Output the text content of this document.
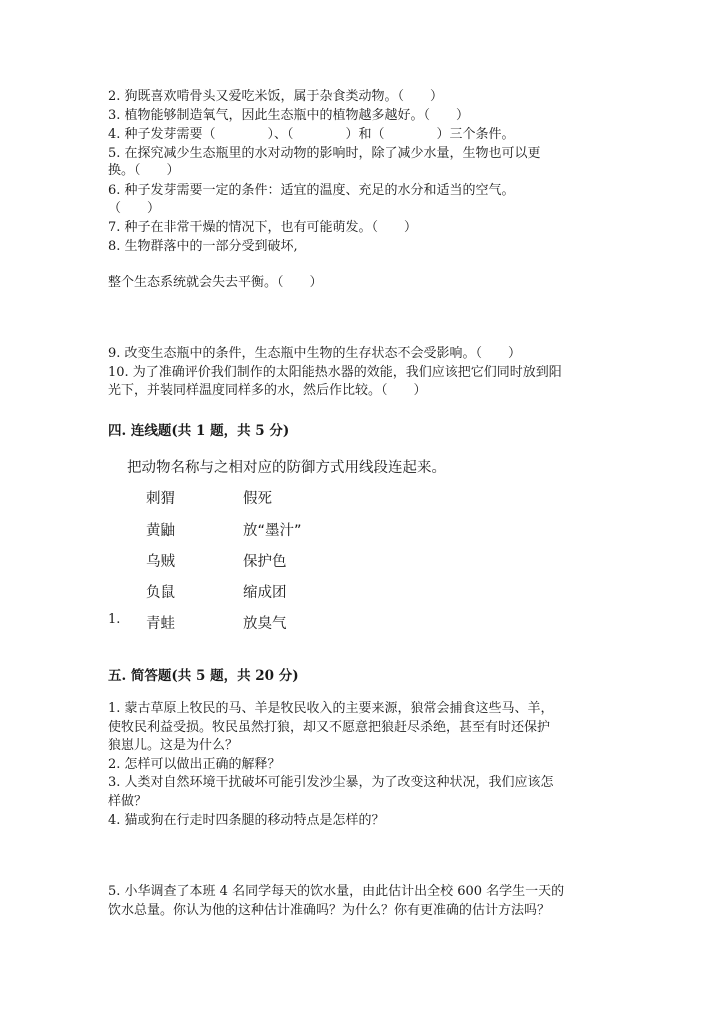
2. 狗既喜欢啃骨头又爱吃米饭，属于杂食类动物。（　　）

3. 植物能够制造氧气，因此生态瓶中的植物越多越好。（　　）

4. 种子发芽需要（　　　　）、（　　　　）和（　　　　）三个条件。

5. 在探究减少生态瓶里的水对动物的影响时，除了减少水量，生物也可以更

换。（　　）

6. 种子发芽需要一定的条件：适宜的温度、充足的水分和适当的空气。

（　　）

7. 种子在非常干燥的情况下，也有可能萌发。（　　）

8. 生物群落中的一部分受到破坏,

整个生态系统就会失去平衡。（　　）

9. 改变生态瓶中的条件，生态瓶中生物的生存状态不会受影响。（　　）

10. 为了准确评价我们制作的太阳能热水器的效能，我们应该把它们同时放到阳

光下，并装同样温度同样多的水，然后作比较。（　　）

四. 连线题(共 1 题，共 5 分)

把动物名称与之相对应的防御方式用线段连起来。
刺猬
黄鼬
乌贼
负鼠
青蛙
假死
放“墨汁”
保护色
缩成团
放臭气
1.

五. 简答题(共 5 题，共 20 分)

1. 蒙古草原上牧民的马、羊是牧民收入的主要来源，狼常会捕食这些马、羊，

使牧民利益受损。牧民虽然打狼，却又不愿意把狼赶尽杀绝，甚至有时还保护

狼崽儿。这是为什么？

2. 怎样可以做出正确的解释？

3. 人类对自然环境干扰破坏可能引发沙尘暴，为了改变这种状况，我们应该怎

样做？

4. 猫或狗在行走时四条腿的移动特点是怎样的？

5. 小华调查了本班 4 名同学每天的饮水量，由此估计出全校 600 名学生一天的

饮水总量。你认为他的这种估计准确吗？为什么？你有更准确的估计方法吗？
